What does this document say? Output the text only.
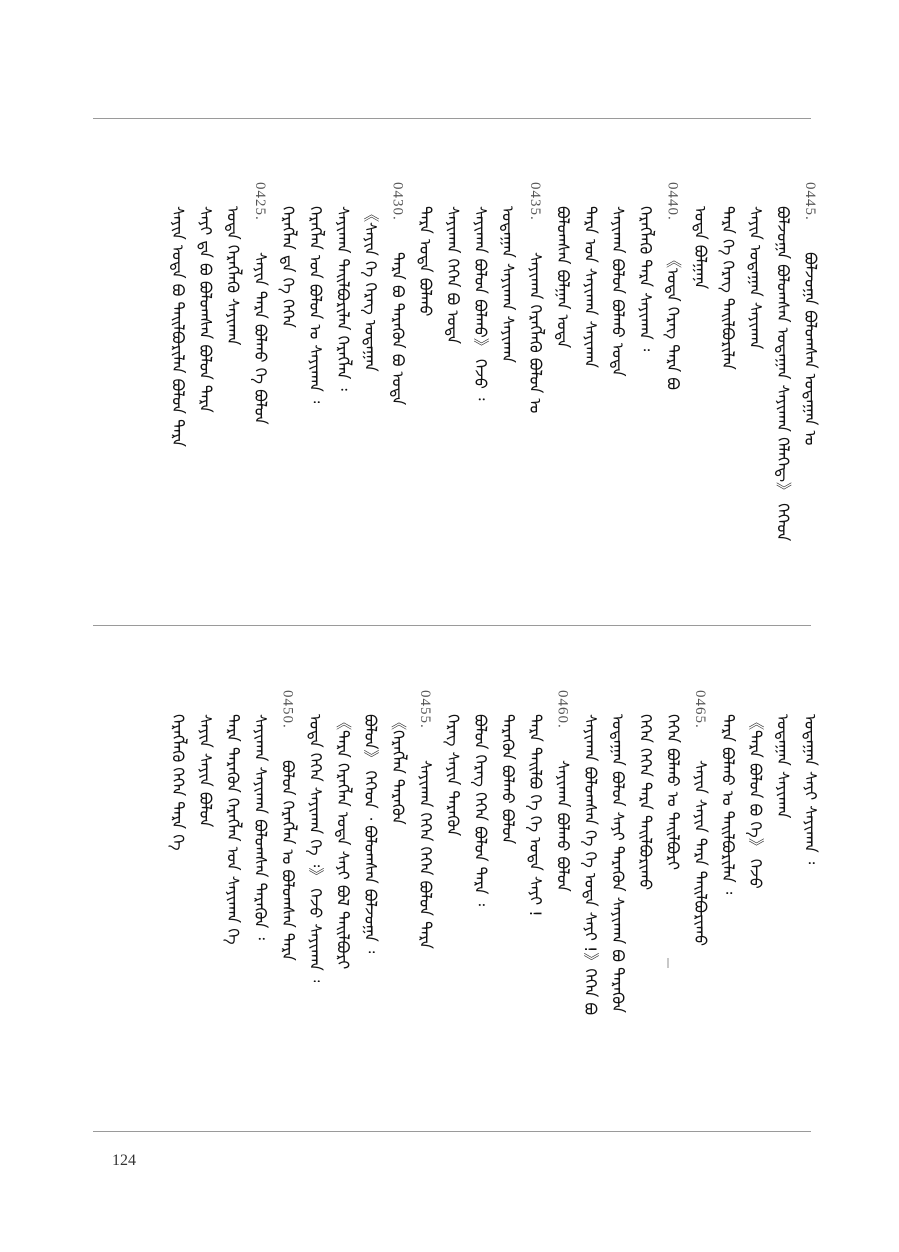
0445.
ᠪᠣᠯᠵᠣᠭᠠ ᠪᠣᠯᠤᠭᠰᠠᠨ ᠤᠳᠠᠭᠠᠨ ᠤ
ᠪᠣᠯᠵᠣᠭᠠ ᠪᠣᠯᠤᠭᠰᠠᠨ ᠤᠳᠠᠭᠠᠨ ᠰᠠᠶᠢᠬᠠᠨ ᠬᠡᠯᠡᠭᠡᠳ᠋》 ᠭᠡᠭᠡᠳ
ᠰᠠᠶᠢᠨ ᠤᠳᠠᠭᠠᠨ ᠰᠠᠶᠢᠬᠠᠨ
ᠲᠡᠷᠡ ᠬᠡ ᠬᠡᠷᠡᠭ ᠲᠠᠢᠯᠪᠤᠷᠢᠯᠠᠨ
ᠤᠳᠠ ᠪᠣᠯᠭᠠᠨᠠ
0440.
《ᠤᠳᠠ ᠬᠡᠷᠡᠭ ᠲᠡᠷᠡ ᠪᠣ
ᠬᠡᠷᠡᠭᠯᠡᠬᠦ ᠲᠡᠷᠡ ᠰᠠᠶᠢᠬᠠᠨ ᠄
ᠰᠠᠶᠢᠬᠠᠨ ᠪᠣᠯᠤᠨ ᠪᠣᠯᠬᠤ ᠤᠳᠠ
ᠲᠡᠷᠡ ᠤᠨ ᠰᠠᠶᠢᠬᠠᠨ ᠰᠠᠶᠢᠬᠠᠨ
ᠪᠣᠯᠤᠭᠰᠠᠨ ᠪᠣᠯᠭᠠᠨ ᠤᠳᠠ
0435.
ᠰᠠᠶᠢᠬᠠᠨ ᠬᠡᠷᠡᠭᠯᠡᠬᠦ ᠪᠣᠯᠤᠨ ᠤ
ᠤᠳᠠᠭᠠᠨ ᠰᠠᠶᠢᠬᠠᠨ ᠰᠠᠶᠢᠬᠠᠨ
ᠰᠠᠶᠢᠬᠠᠨ ᠪᠣᠯᠤᠨ ᠪᠣᠯᠬᠤ》 ᠭᠡᠵᠦ ᠄
ᠰᠠᠶᠢᠬᠠᠨ ᠭᠡᠭᠡᠨ ᠪᠣ ᠤᠳᠠ
ᠲᠡᠷᠡ ᠤᠳᠠ ᠪᠣᠯᠬᠤ
0430.
ᠲᠡᠷᠡ ᠪᠣ ᠲᠡᠷᠡᠭᠦᠨ ᠪᠣ ᠤᠳᠠ
《ᠰᠠᠶᠢᠨ ᠬᠡ ᠬᠡᠷᠡᠭ ᠤᠳᠠᠭᠠᠨ
ᠰᠠᠶᠢᠬᠠᠨ ᠲᠠᠢᠯᠪᠤᠷᠢᠯᠠᠨ ᠬᠡᠷᠡᠭᠯᠡᠨ ᠄
ᠬᠡᠷᠡᠭᠯᠡᠨ ᠤᠨ ᠪᠣᠯᠤᠨ ᠤ ᠰᠠᠶᠢᠬᠠᠨ ᠄
ᠬᠡᠷᠡᠭᠯᠡᠨ ᠳᠠ ᠬᠡ ᠭᠡᠭᠡᠨ
0425.
ᠰᠠᠶᠢᠨ ᠲᠡᠷᠡ ᠪᠣᠯᠬᠤ ᠬᠡ ᠪᠣᠯᠤᠨ
ᠤᠳᠠ ᠬᠡᠷᠡᠭᠯᠡᠬᠦ ᠰᠠᠶᠢᠬᠠᠨ
ᠰᠠᠶᠢ ᠳᠠ ᠪᠣ ᠪᠣᠯᠤᠭᠰᠠᠨ ᠪᠣᠯᠤᠨ ᠲᠡᠷᠡ
ᠰᠠᠶᠢᠨ ᠤᠳᠠ ᠪᠣ ᠲᠠᠢᠯᠪᠤᠷᠢᠯᠠᠨ ᠪᠣᠯᠤᠨ ᠲᠡᠷᠡ
ᠤᠳᠠᠭᠠᠨ ᠰᠠᠶᠢ ᠰᠠᠶᠢᠬᠠᠨ ᠄
ᠤᠳᠠᠭᠠᠨ ᠰᠠᠶᠢᠬᠠᠨ
《ᠲᠡᠷᠡ ᠪᠣᠯᠤᠨ ᠪᠣ ᠭᠡ》 ᠭᠡᠵᠦ
ᠲᠡᠷᠡ ᠪᠣᠯᠬᠤ ᠤ ᠲᠠᠢᠯᠪᠤᠷᠢᠯᠠᠨ ᠄
0465.
ᠰᠠᠶᠢᠨ ᠰᠠᠶᠢᠨ ᠲᠡᠷᠡ ᠲᠠᠢᠯᠪᠤᠷᠢᠬᠤ
ᠭᠡᠭᠡᠨ ᠪᠣᠯᠬᠤ ᠤ ᠲᠠᠢᠯᠪᠤᠷᠢ
ᠭᠡᠭᠡᠨ ᠭᠡᠭᠡᠨ ᠲᠡᠷᠡ ᠲᠠᠢᠯᠪᠤᠷᠢᠬᠤ
ᠤᠳᠠᠭᠠᠨ ᠪᠣᠯᠤᠨ ᠰᠠᠶᠢ ᠲᠡᠷᠡᠭᠦᠨ ᠰᠠᠶᠢᠬᠠᠨ ᠪᠣ ᠲᠡᠷᠡᠭᠦᠨ
ᠰᠠᠶᠢᠬᠠᠨ ᠪᠣᠯᠤᠭᠰᠠᠨ ᠬᠡ ᠬᠡ ᠤᠳᠠ ᠰᠠᠶᠢ !》ᠭᠡᠭᠡᠨ ᠪᠣ
0460.
ᠰᠠᠶᠢᠬᠠᠨ ᠪᠣᠯᠬᠤ ᠪᠣᠯᠤᠨ
ᠲᠡᠷᠡ ᠲᠠᠢᠯᠪᠤ ᠬᠡ ᠬᠡ ᠤᠳᠠ ᠰᠠᠶᠢ !
ᠲᠡᠷᠡᠭᠦᠨ ᠪᠣᠯᠬᠤ ᠪᠣᠯᠤᠨ
ᠪᠣᠯᠤᠨ ᠬᠡᠷᠡᠭ ᠭᠡᠭᠡᠨ ᠪᠣᠯᠤᠨ ᠲᠡᠷᠡ ᠄
ᠬᠡᠷᠡᠭ ᠰᠠᠶᠢᠨ ᠲᠡᠷᠡᠭᠦᠨ
0455.
ᠰᠠᠶᠢᠬᠠᠨ ᠭᠡᠭᠡᠨ ᠭᠡᠭᠡᠨ ᠪᠣᠯᠤᠨ ᠲᠡᠷᠡ
《ᠬᠡᠷᠡᠭᠯᠡᠨ ᠲᠡᠷᠡᠭᠦᠨ
ᠪᠣᠯᠤᠨ》 ᠭᠡᠭᠡᠳ ᠂ ᠪᠣᠯᠤᠭᠰᠠᠨ ᠪᠣᠯᠵᠣᠭᠠ ᠄
《ᠲᠡᠷᠡ ᠬᠡᠷᠡᠭᠯᠡᠨ ᠤᠳᠠ ᠰᠠᠶᠢ ᠪᠣᠯ ᠲᠠᠢᠯᠪᠤᠷᠢ
ᠤᠳᠠ ᠭᠡᠭᠡᠨ ᠰᠠᠶᠢᠬᠠᠨ ᠭᠡ ᠄》 ᠭᠡᠵᠦ ᠰᠠᠶᠢᠬᠠᠨ ᠄
0450.
ᠪᠣᠯᠤᠨ ᠬᠡᠷᠡᠭᠯᠡᠨ ᠤ ᠪᠣᠯᠤᠭᠰᠠᠨ ᠲᠡᠷᠡ
ᠰᠠᠶᠢᠬᠠᠨ ᠰᠠᠶᠢᠬᠠᠨ ᠪᠣᠯᠤᠭᠰᠠᠨ ᠲᠡᠷᠡᠭᠦᠨ ᠄
ᠲᠡᠷᠡ ᠲᠡᠷᠡᠭᠦᠨ ᠬᠡᠷᠡᠭᠯᠡᠨ ᠤᠨ ᠰᠠᠶᠢᠬᠠᠨ ᠬᠡ
ᠰᠠᠶᠢᠨ ᠰᠠᠶᠢᠨ ᠪᠣᠯᠤᠨ
ᠬᠡᠷᠡᠭᠯᠡᠬᠦ ᠭᠡᠭᠡᠨ ᠲᠡᠷᠡ ᠬᠡ
124
